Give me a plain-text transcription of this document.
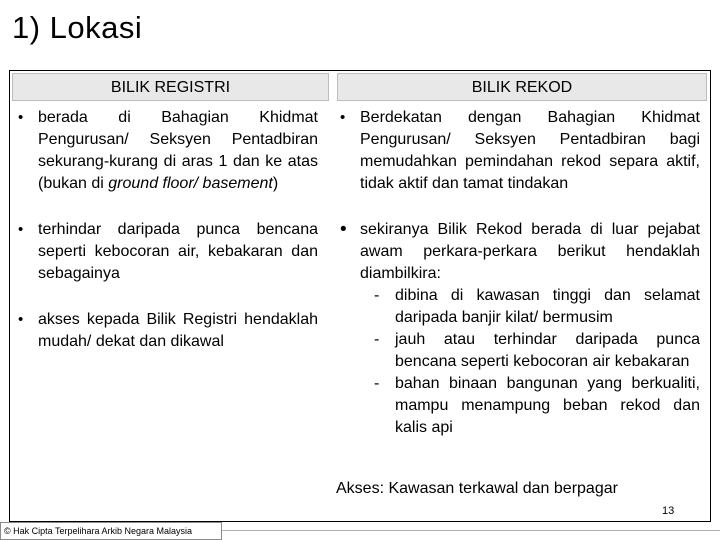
1) Lokasi
BILIK REGISTRI	BILIK REKOD
• berada di Bahagian Khidmat Pengurusan/ Seksyen Pentadbiran sekurang-kurang di aras 1 dan ke atas (bukan di ground floor/ basement)
• terhindar daripada punca bencana seperti kebocoran air, kebakaran dan sebagainya
• akses kepada Bilik Registri hendaklah mudah/ dekat dan dikawal
• Berdekatan dengan Bahagian Khidmat Pengurusan/ Seksyen Pentadbiran bagi memudahkan pemindahan rekod separa aktif, tidak aktif dan tamat tindakan
• sekiranya Bilik Rekod berada di luar pejabat awam perkara-perkara berikut hendaklah diambilkira:
- dibina di kawasan tinggi dan selamat daripada banjir kilat/ bermusim
- jauh atau terhindar daripada punca bencana seperti kebocoran air kebakaran
- bahan binaan bangunan yang berkualiti, mampu menampung beban rekod dan kalis api
Akses: Kawasan terkawal dan berpagar
13
© Hak Cipta Terpelihara Arkib Negara Malaysia
